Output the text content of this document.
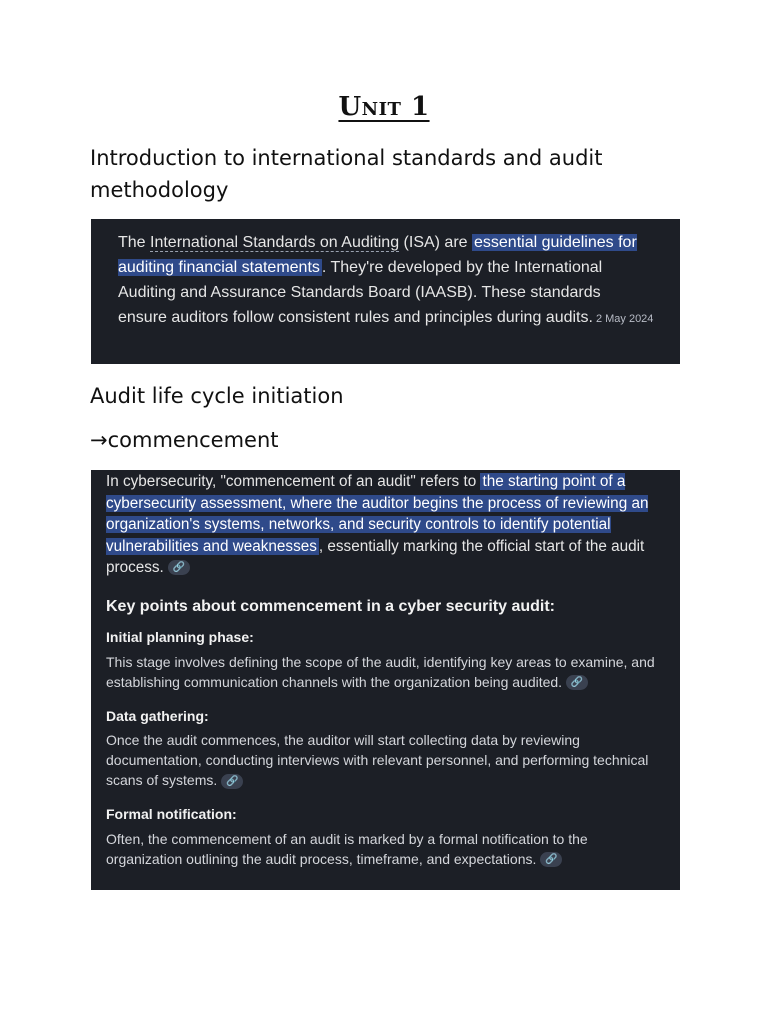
Unit 1
Introduction to international standards and audit methodology
The International Standards on Auditing (ISA) are essential guidelines for auditing financial statements . They're developed by the International Auditing and Assurance Standards Board (IAASB). These standards ensure auditors follow consistent rules and principles during audits. 2 May 2024
Audit life cycle initiation
→commencement
In cybersecurity, "commencement of an audit" refers to the starting point of a cybersecurity assessment, where the auditor begins the process of reviewing an organization's systems, networks, and security controls to identify potential vulnerabilities and weaknesses , essentially marking the official start of the audit process. 🔗
Key points about commencement in a cyber security audit:
Initial planning phase:
This stage involves defining the scope of the audit, identifying key areas to examine, and establishing communication channels with the organization being audited. 🔗
Data gathering:
Once the audit commences, the auditor will start collecting data by reviewing documentation, conducting interviews with relevant personnel, and performing technical scans of systems. 🔗
Formal notification:
Often, the commencement of an audit is marked by a formal notification to the organization outlining the audit process, timeframe, and expectations. 🔗
